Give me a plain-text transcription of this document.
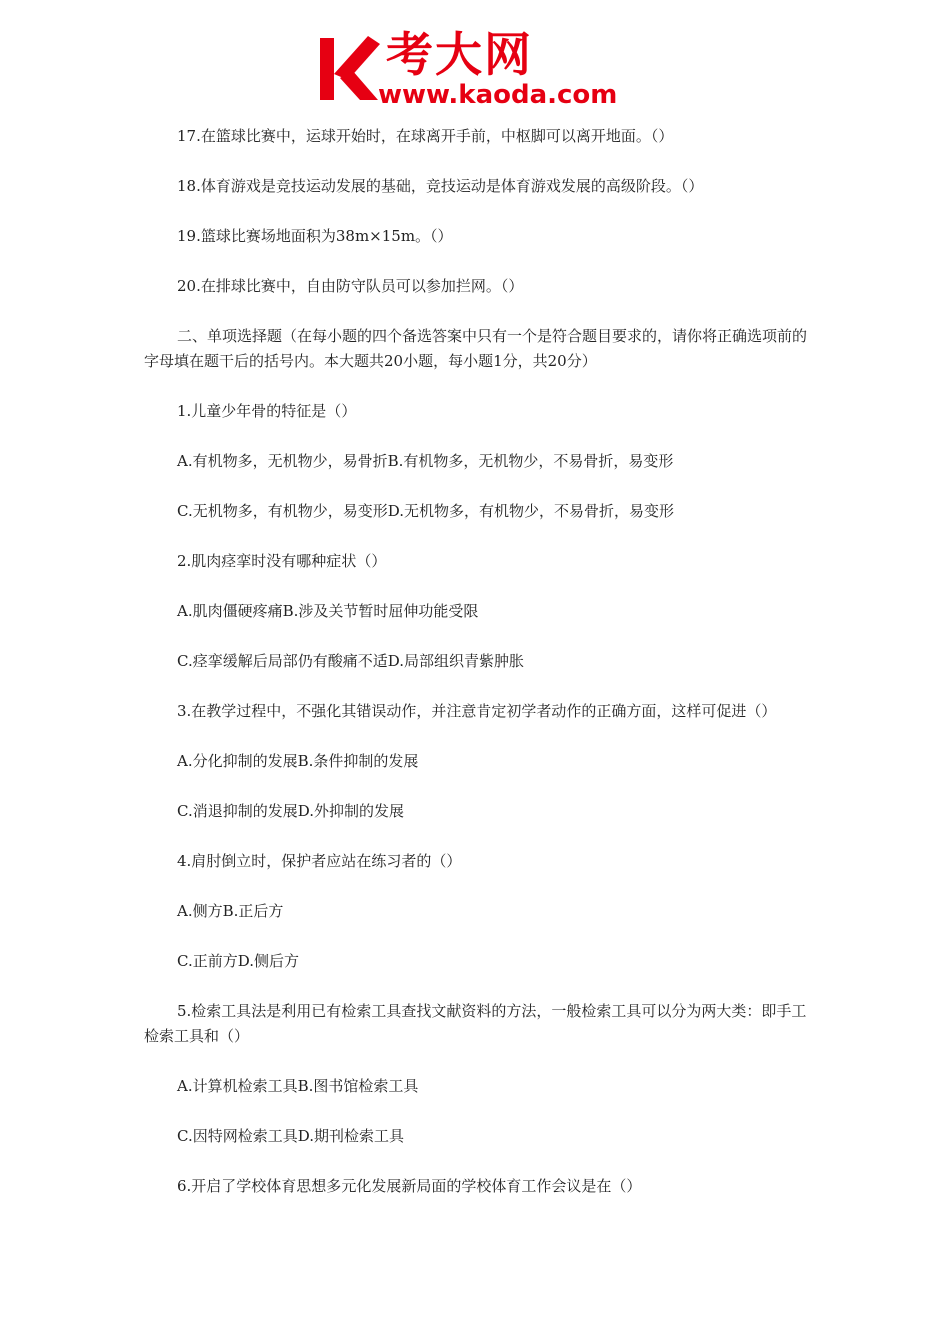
考大网
www.kaoda.com

17.在篮球比赛中，运球开始时，在球离开手前，中枢脚可以离开地面。（）

18.体育游戏是竞技运动发展的基础，竞技运动是体育游戏发展的高级阶段。（）

19.篮球比赛场地面积为38m×15m。（）

20.在排球比赛中，自由防守队员可以参加拦网。（）

二、单项选择题（在每小题的四个备选答案中只有一个是符合题目要求的，请你将正确选项前的字母填在题干后的括号内。本大题共20小题，每小题1分，共20分）

1.儿童少年骨的特征是（）

A.有机物多，无机物少，易骨折B.有机物多，无机物少，不易骨折，易变形

C.无机物多，有机物少，易变形D.无机物多，有机物少，不易骨折，易变形

2.肌肉痉挛时没有哪种症状（）

A.肌肉僵硬疼痛B.涉及关节暂时屈伸功能受限

C.痉挛缓解后局部仍有酸痛不适D.局部组织青紫肿胀

3.在教学过程中，不强化其错误动作，并注意肯定初学者动作的正确方面，这样可促进（）

A.分化抑制的发展B.条件抑制的发展

C.消退抑制的发展D.外抑制的发展

4.肩肘倒立时，保护者应站在练习者的（）

A.侧方B.正后方

C.正前方D.侧后方

5.检索工具法是利用已有检索工具查找文献资料的方法，一般检索工具可以分为两大类：即手工检索工具和（）

A.计算机检索工具B.图书馆检索工具

C.因特网检索工具D.期刊检索工具

6.开启了学校体育思想多元化发展新局面的学校体育工作会议是在（）
